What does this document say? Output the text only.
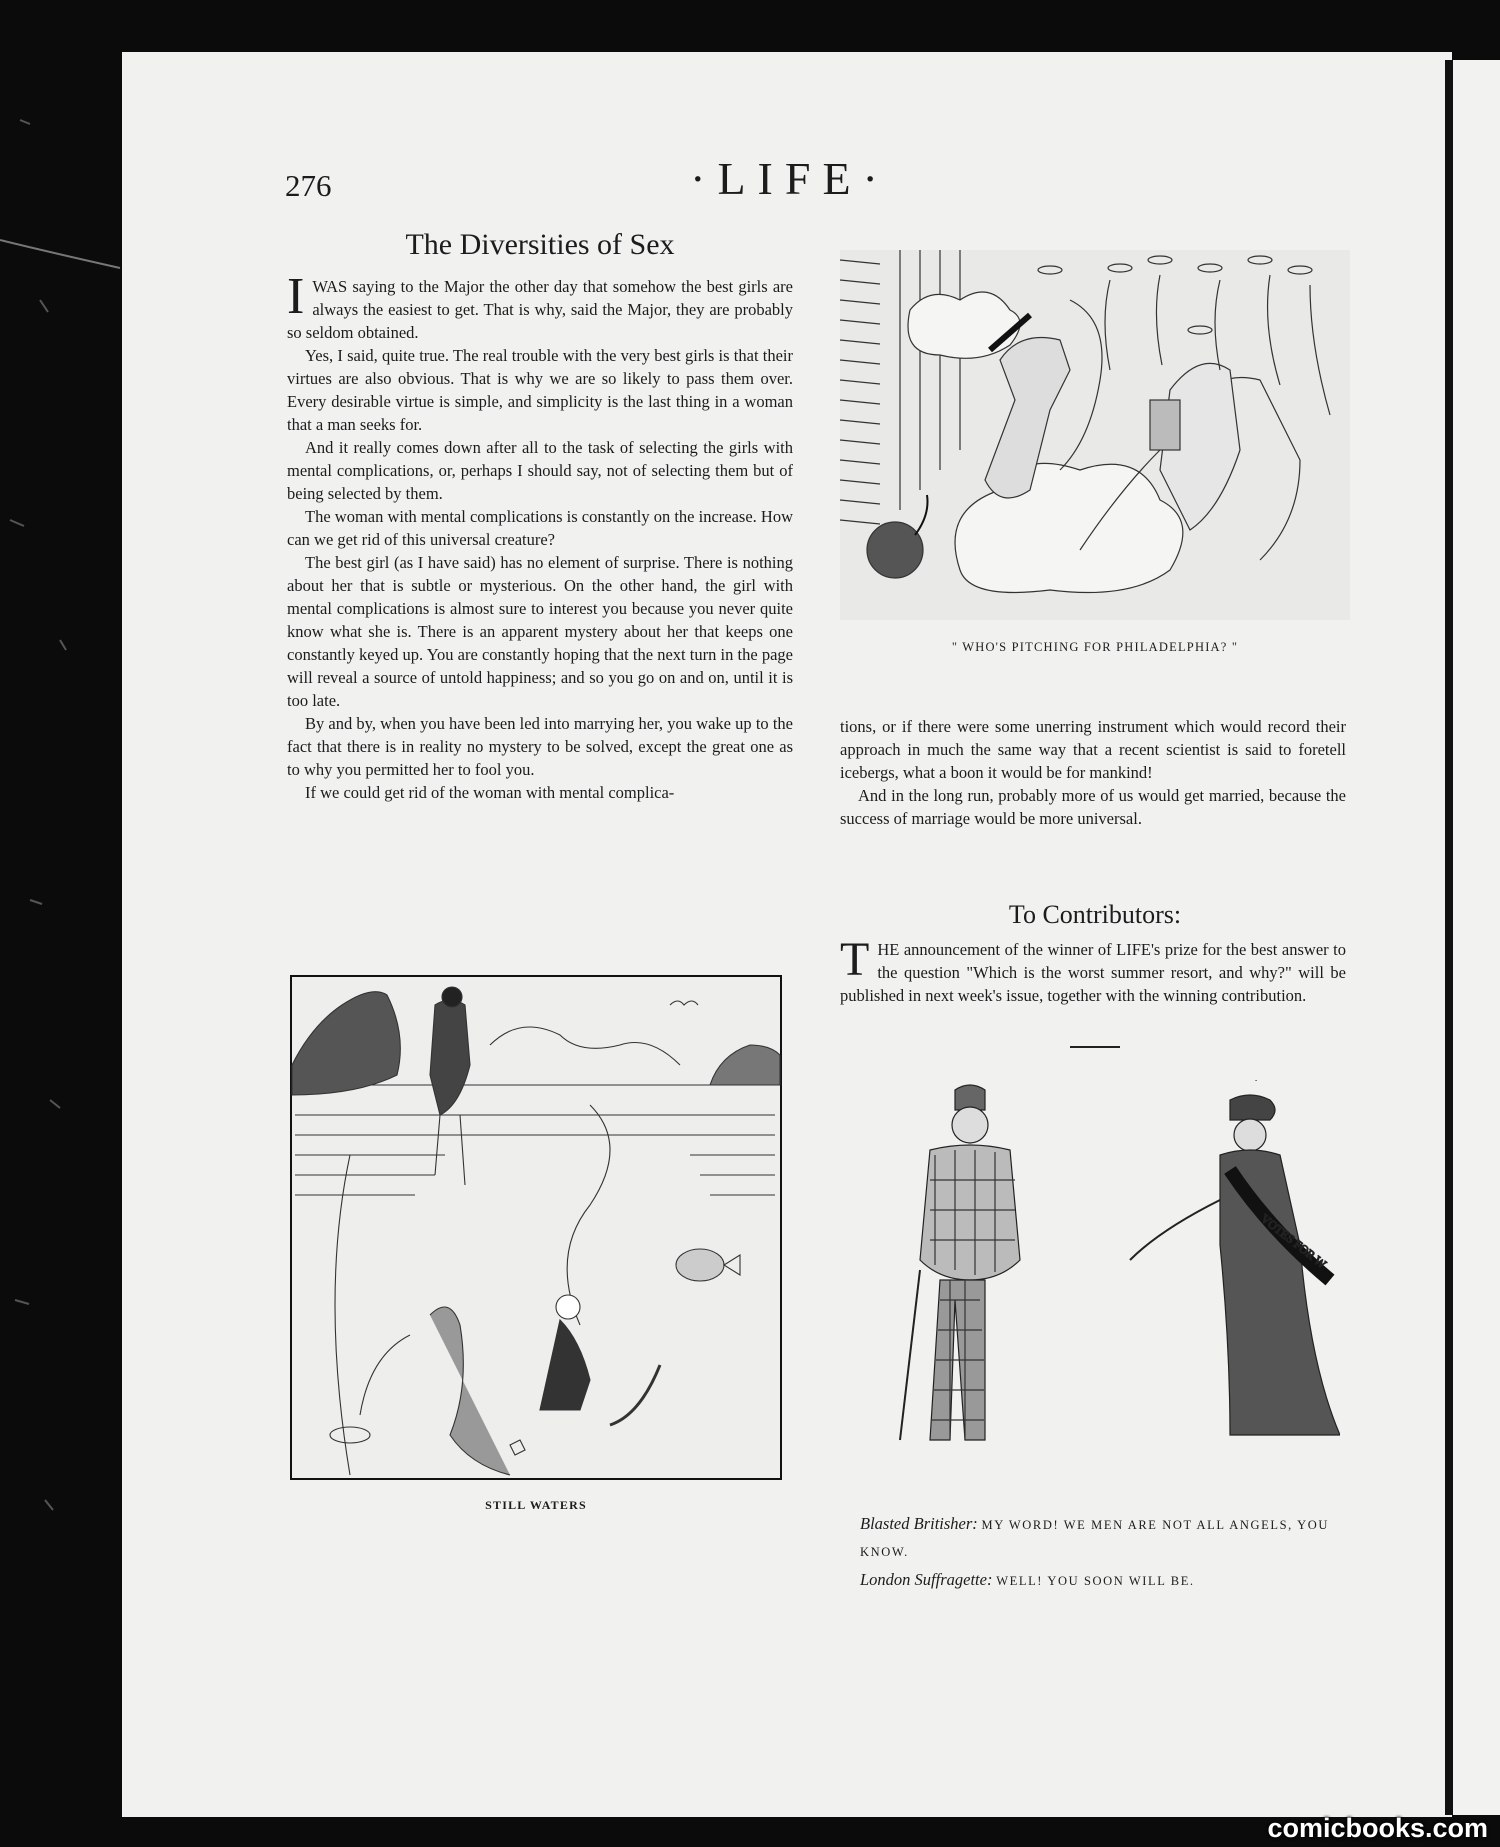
276	·LIFE·
The Diversities of Sex

IWAS saying to the Major the other day that somehow the best girls are always the easiest to get. That is why, said the Major, they are probably so seldom obtained.

Yes, I said, quite true. The real trouble with the very best girls is that their virtues are also obvious. That is why we are so likely to pass them over. Every desirable virtue is simple, and simplicity is the last thing in a woman that a man seeks for.

And it really comes down after all to the task of selecting the girls with mental complications, or, perhaps I should say, not of selecting them but of being selected by them.

The woman with mental complications is constantly on the increase. How can we get rid of this universal creature?

The best girl (as I have said) has no element of surprise. There is nothing about her that is subtle or mysterious. On the other hand, the girl with mental complications is almost sure to interest you because you never quite know what she is. There is an apparent mystery about her that keeps one constantly keyed up. You are constantly hoping that the next turn in the page will reveal a source of untold happiness; and so you go on and on, until it is too late.

By and by, when you have been led into marrying her, you wake up to the fact that there is in reality no mystery to be solved, except the great one as to why you permitted her to fool you.

If we could get rid of the woman with mental complica-

" WHO'S PITCHING FOR PHILADELPHIA? "

tions, or if there were some unerring instrument which would record their approach in much the same way that a recent scientist is said to foretell icebergs, what a boon it would be for mankind!

And in the long run, probably more of us would get married, because the success of marriage would be more universal.

To Contributors:

THE announcement of the winner of LIFE's prize for the best answer to the question "Which is the worst summer resort, and why?" will be published in next week's issue, together with the winning contribution.

STILL WATERS
VOTES FOR W
Blasted Britisher: MY WORD! WE MEN ARE NOT ALL ANGELS, YOU KNOW.
London Suffragette: WELL! YOU SOON WILL BE.
comicbooks.com
